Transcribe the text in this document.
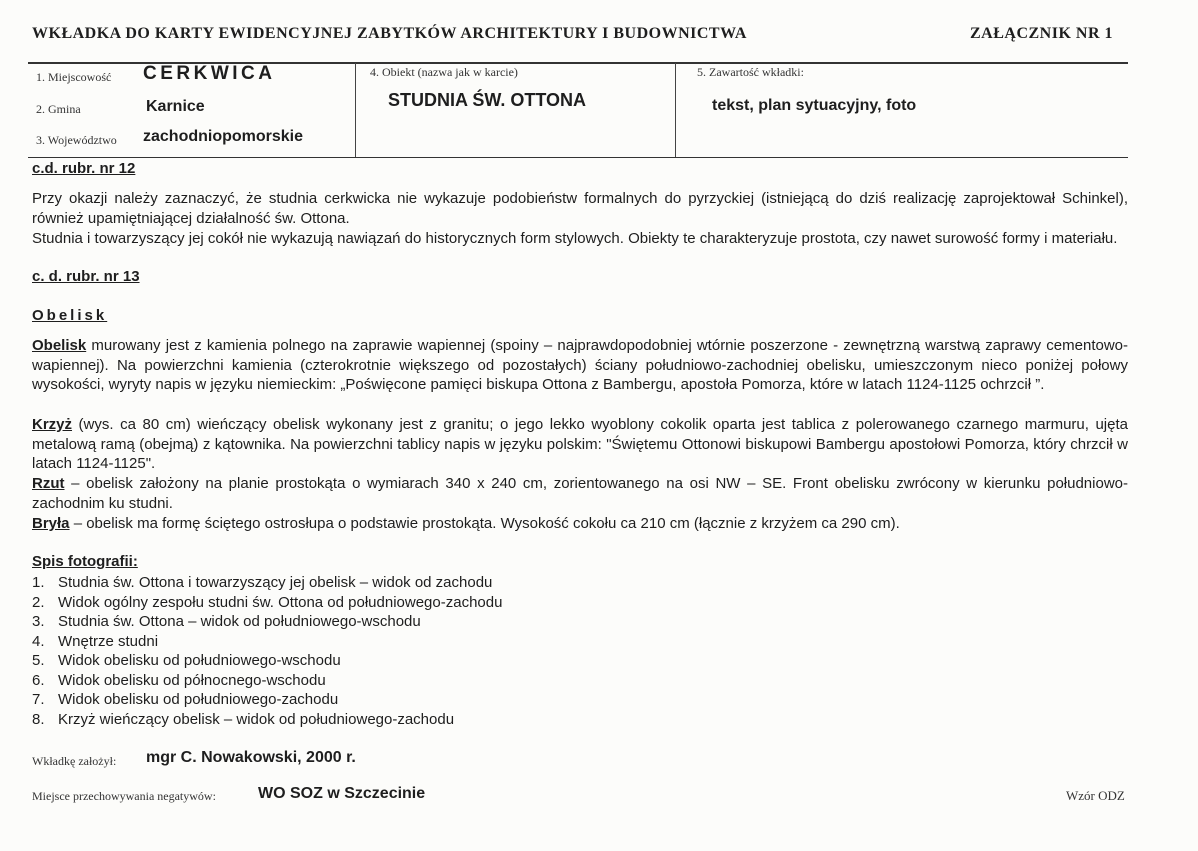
WKŁADKA DO KARTY EWIDENCYJNEJ ZABYTKÓW ARCHITEKTURY I BUDOWNICTWA	ZAŁĄCZNIK NR 1
1. Miejscowość CERKWICA
2. Gmina	Karnice
3. Województwo zachodniopomorskie
4. Obiekt (nazwa jak w karcie)
STUDNIA ŚW. OTTONA
5. Zawartość wkładki:
tekst, plan sytuacyjny, foto
c.d. rubr. nr 12
Przy okazji należy zaznaczyć, że studnia cerkwicka nie wykazuje podobieństw formalnych do pyrzyckiej (istniejącą do dziś realizację zaprojektował Schinkel), również upamiętniającej działalność św. Ottona.
Studnia i towarzyszący jej cokół nie wykazują nawiązań do historycznych form stylowych. Obiekty te charakteryzuje prostota, czy nawet surowość formy i materiału.
c. d. rubr. nr 13
Obelisk
Obelisk murowany jest z kamienia polnego na zaprawie wapiennej (spoiny – najprawdopodobniej wtórnie poszerzone - zewnętrzną warstwą zaprawy cementowo-wapiennej). Na powierzchni kamienia (czterokrotnie większego od pozostałych) ściany południowo-zachodniej obelisku, umieszczonym nieco poniżej połowy wysokości, wyryty napis w języku niemieckim: „Poświęcone pamięci biskupa Ottona z Bambergu, apostoła Pomorza, które w latach 1124-1125 ochrzcił ”.
Krzyż (wys. ca 80 cm) wieńczący obelisk wykonany jest z granitu; o jego lekko wyoblony cokolik oparta jest tablica z polerowanego czarnego marmuru, ujęta metalową ramą (obejmą) z kątownika. Na powierzchni tablicy napis w języku polskim: "Świętemu Ottonowi biskupowi Bambergu apostołowi Pomorza, który chrzcił w latach 1124-1125".
Rzut – obelisk założony na planie prostokąta o wymiarach 340 x 240 cm, zorientowanego na osi NW – SE. Front obelisku zwrócony w kierunku południowo-zachodnim ku studni.
Bryła – obelisk ma formę ściętego ostrosłupa o podstawie prostokąta. Wysokość cokołu ca 210 cm (łącznie z krzyżem ca 290 cm).
Spis fotografii:
1. Studnia św. Ottona i towarzyszący jej obelisk – widok od zachodu
2. Widok ogólny zespołu studni św. Ottona od południowego-zachodu
3. Studnia św. Ottona – widok od południowego-wschodu
4. Wnętrze studni
5. Widok obelisku od południowego-wschodu
6. Widok obelisku od północnego-wschodu
7. Widok obelisku od południowego-zachodu
8. Krzyż wieńczący obelisk – widok od południowego-zachodu
Wkładkę założył: mgr C. Nowakowski, 2000 r.
Miejsce przechowywania negatywów:	WO SOZ w Szczecinie	Wzór ODZ
